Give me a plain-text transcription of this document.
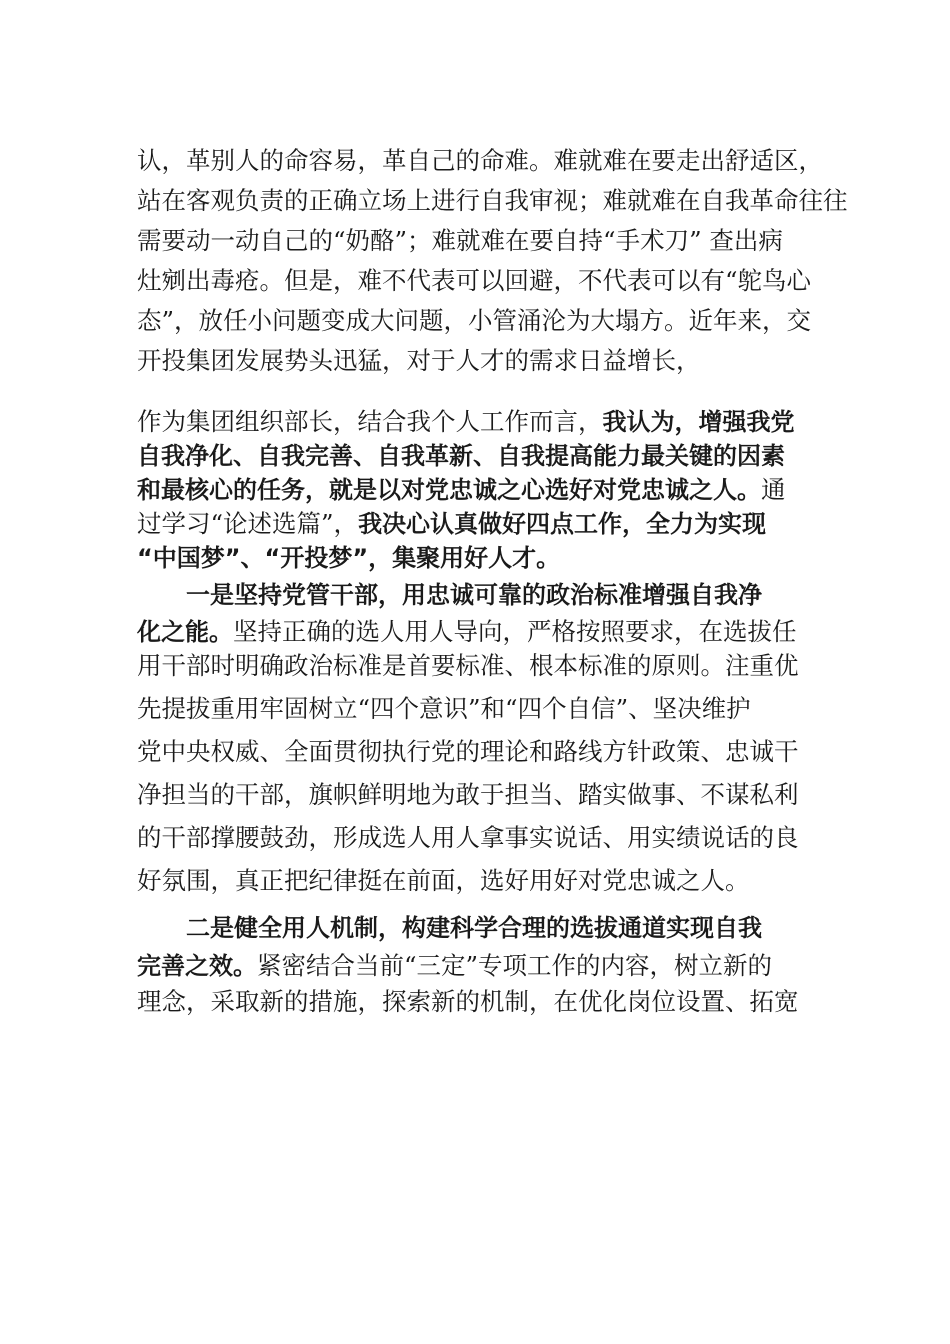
认，革别人的命容易，革自己的命难。难就难在要走出舒适区，
站在客观负责的正确立场上进行自我审视；难就难在自我革命往往
需要动一动自己的“奶酪”；难就难在要自持“手术刀” 查出病
灶剜出毒疮。但是，难不代表可以回避，不代表可以有“鸵鸟心
态”，放任小问题变成大问题，小管涌沦为大塌方。近年来，交
开投集团发展势头迅猛，对于人才的需求日益增长，
作为集团组织部长，结合我个人工作而言，我认为，增强我党
自我净化、自我完善、自我革新、自我提高能力最关键的因素
和最核心的任务，就是以对党忠诚之心选好对党忠诚之人。通
过学习“论述选篇”，我决心认真做好四点工作，全力为实现
“中国梦”、“开投梦”，集聚用好人才。
一是坚持党管干部，用忠诚可靠的政治标准增强自我净
化之能。坚持正确的选人用人导向，严格按照要求，在选拔任
用干部时明确政治标准是首要标准、根本标准的原则。注重优
先提拔重用牢固树立“四个意识”和“四个自信”、坚决维护
党中央权威、全面贯彻执行党的理论和路线方针政策、忠诚干
净担当的干部，旗帜鲜明地为敢于担当、踏实做事、不谋私利
的干部撑腰鼓劲，形成选人用人拿事实说话、用实绩说话的良
好氛围，真正把纪律挺在前面，选好用好对党忠诚之人。
二是健全用人机制，构建科学合理的选拔通道实现自我
完善之效。紧密结合当前“三定”专项工作的内容，树立新的
理念，采取新的措施，探索新的机制，在优化岗位设置、拓宽
